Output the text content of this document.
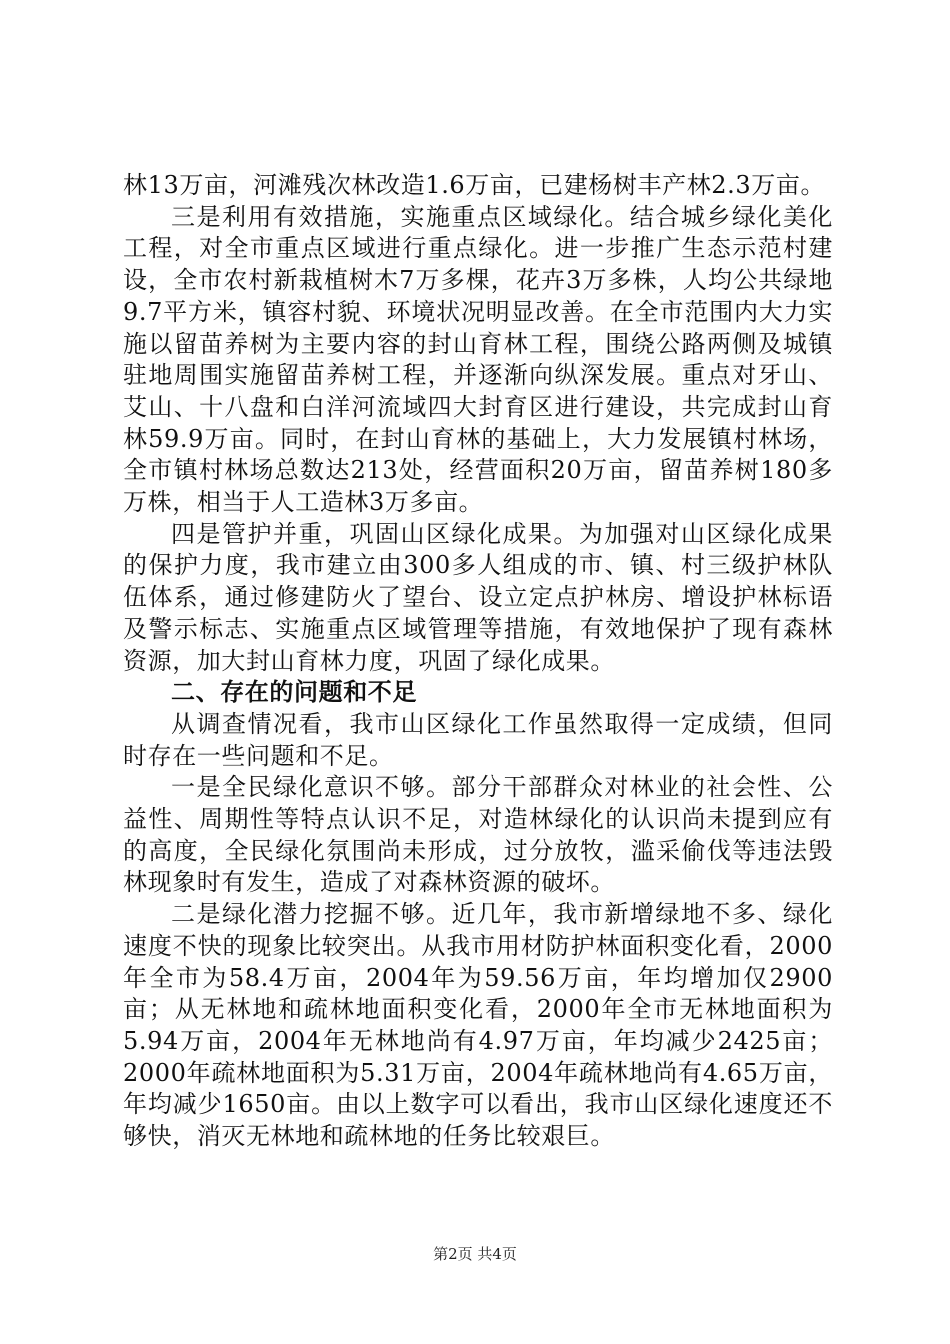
林13万亩，河滩残次林改造1.6万亩，已建杨树丰产林2.3万亩。

三是利用有效措施，实施重点区域绿化。结合城乡绿化美化工程，对全市重点区域进行重点绿化。进一步推广生态示范村建设，全市农村新栽植树木7万多棵，花卉3万多株，人均公共绿地9.7平方米，镇容村貌、环境状况明显改善。在全市范围内大力实施以留苗养树为主要内容的封山育林工程，围绕公路两侧及城镇驻地周围实施留苗养树工程，并逐渐向纵深发展。重点对牙山、艾山、十八盘和白洋河流域四大封育区进行建设，共完成封山育林59.9万亩。同时，在封山育林的基础上，大力发展镇村林场，全市镇村林场总数达213处，经营面积20万亩，留苗养树180多万株，相当于人工造林3万多亩。

四是管护并重，巩固山区绿化成果。为加强对山区绿化成果的保护力度，我市建立由300多人组成的市、镇、村三级护林队伍体系，通过修建防火了望台、设立定点护林房、增设护林标语及警示标志、实施重点区域管理等措施，有效地保护了现有森林资源，加大封山育林力度，巩固了绿化成果。

二、存在的问题和不足

从调查情况看，我市山区绿化工作虽然取得一定成绩，但同时存在一些问题和不足。

一是全民绿化意识不够。部分干部群众对林业的社会性、公益性、周期性等特点认识不足，对造林绿化的认识尚未提到应有的高度，全民绿化氛围尚未形成，过分放牧，滥采偷伐等违法毁林现象时有发生，造成了对森林资源的破坏。

二是绿化潜力挖掘不够。近几年，我市新增绿地不多、绿化速度不快的现象比较突出。从我市用材防护林面积变化看，2000年全市为58.4万亩，2004年为59.56万亩，年均增加仅2900亩；从无林地和疏林地面积变化看，2000年全市无林地面积为5.94万亩，2004年无林地尚有4.97万亩，年均减少2425亩；2000年疏林地面积为5.31万亩，2004年疏林地尚有4.65万亩，年均减少1650亩。由以上数字可以看出，我市山区绿化速度还不够快，消灭无林地和疏林地的任务比较艰巨。

第2页 共4页
